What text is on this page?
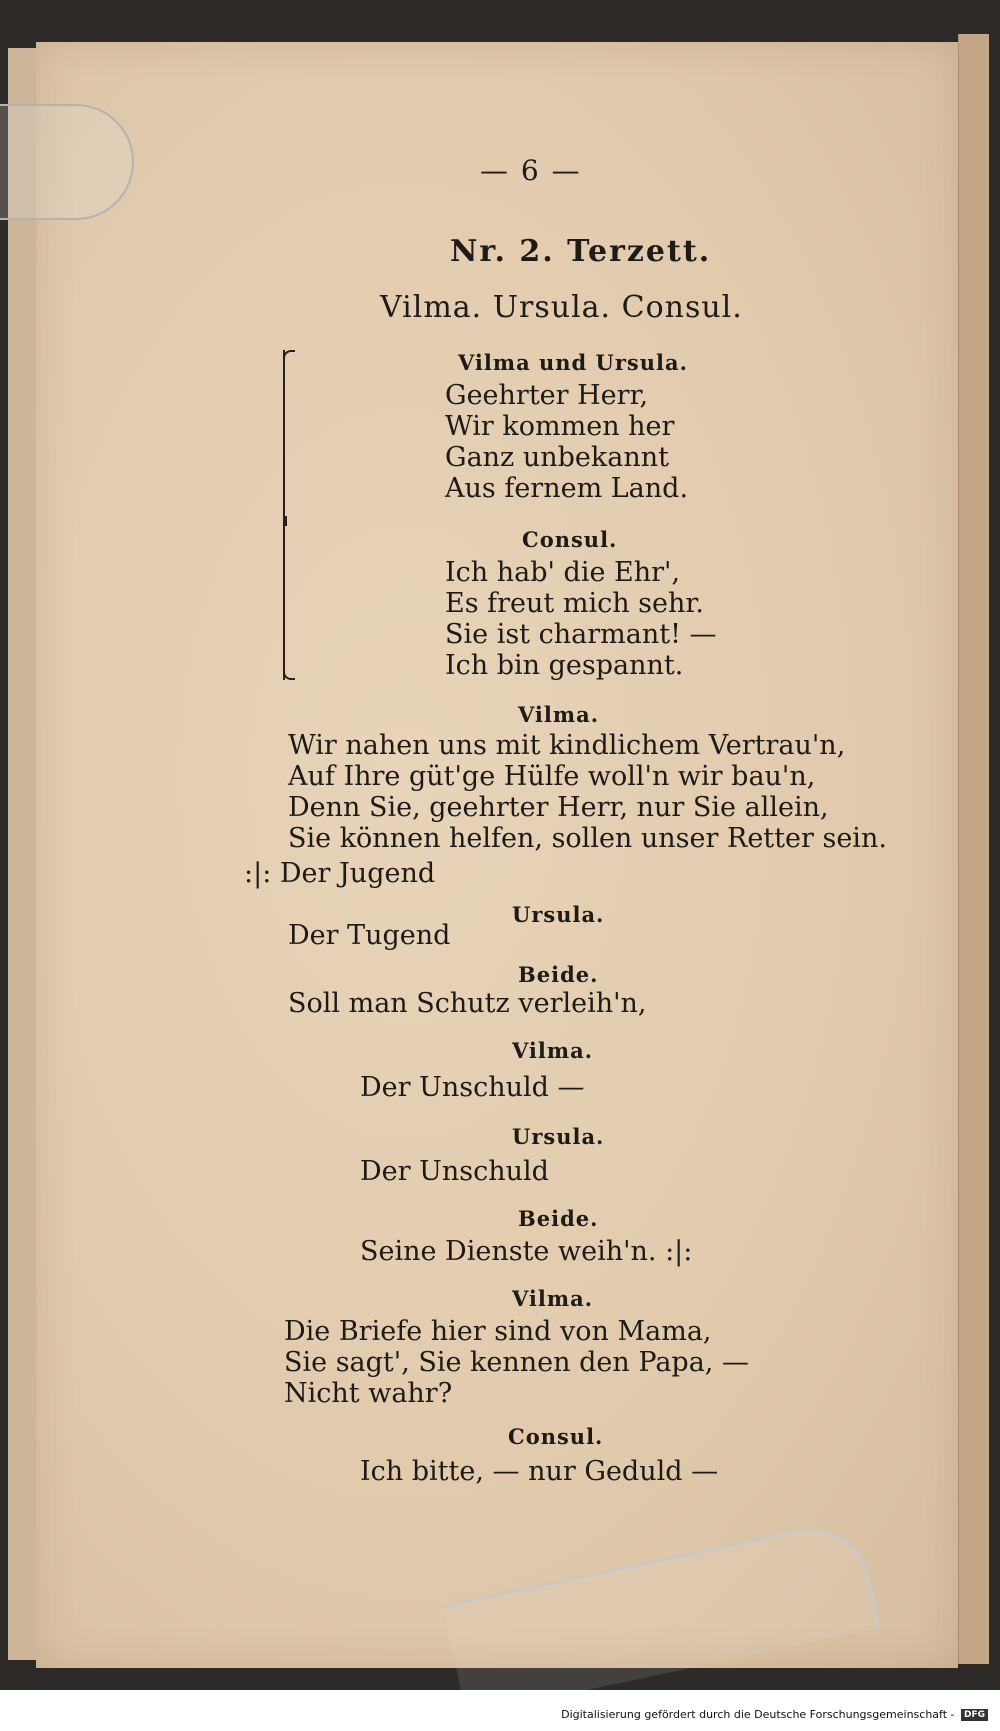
— 6 —
Nr. 2. Terzett.
Vilma. Ursula. Consul.
Vilma und Ursula.
Geehrter Herr,
Wir kommen her
Ganz unbekannt
Aus fernem Land.
Consul.
Ich hab' die Ehr',
Es freut mich sehr.
Sie ist charmant! —
Ich bin gespannt.
Vilma.
Wir nahen uns mit kindlichem Vertrau'n,
Auf Ihre güt'ge Hülfe woll'n wir bau'n,
Denn Sie, geehrter Herr, nur Sie allein,
Sie können helfen, sollen unser Retter sein.
:|: Der Jugend
Ursula.
Der Tugend
Beide.
Soll man Schutz verleih'n,
Vilma.
Der Unschuld —
Ursula.
Der Unschuld
Beide.
Seine Dienste weih'n. :|:
Vilma.
Die Briefe hier sind von Mama,
Sie sagt', Sie kennen den Papa, —
Nicht wahr?
Consul.
Ich bitte, — nur Geduld —
Digitalisierung gefördert durch die Deutsche Forschungsgemeinschaft - DFG
